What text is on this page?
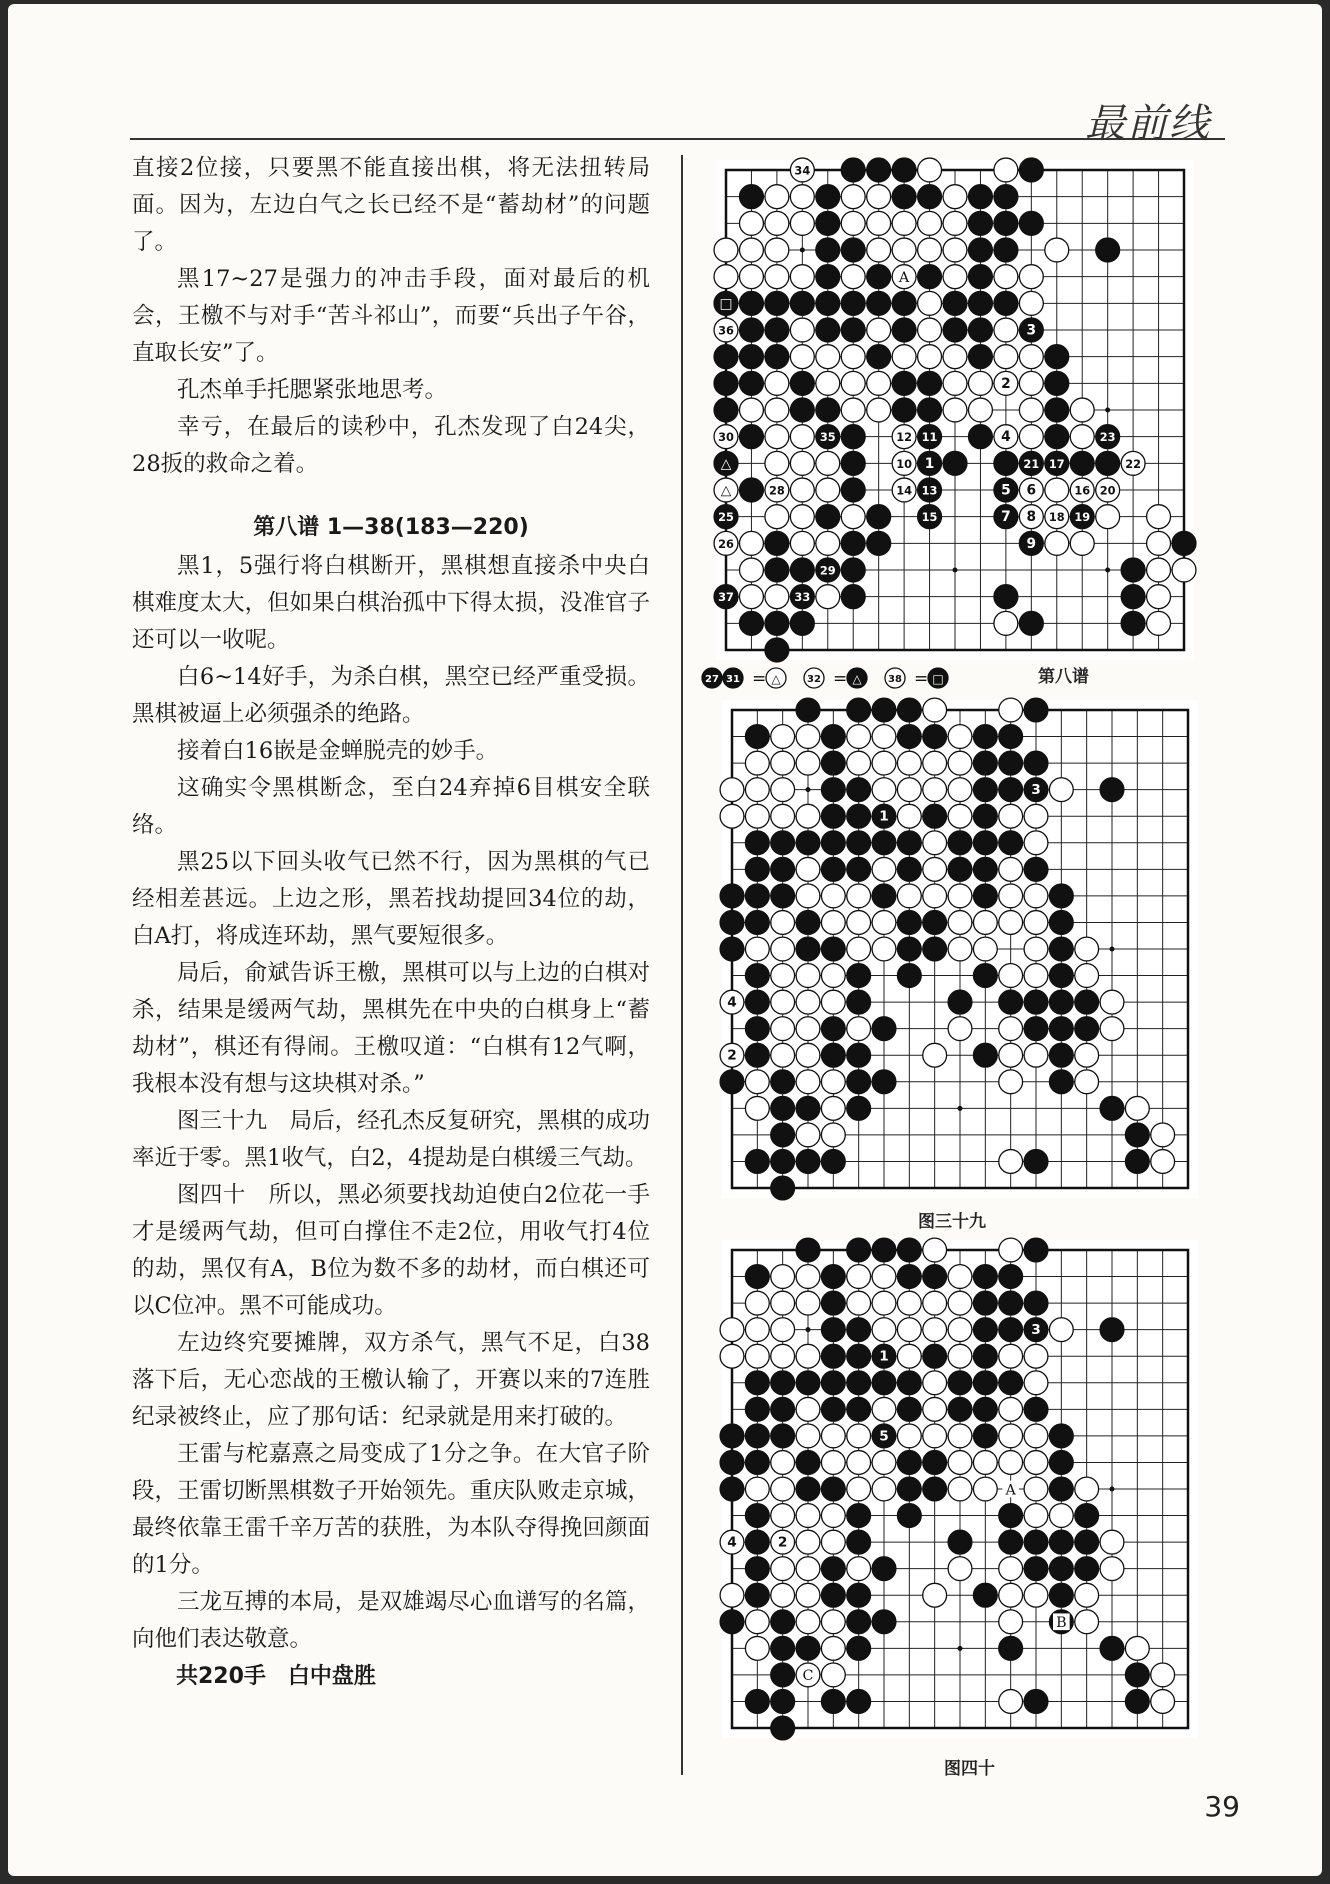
最前线

直接2位接，只要黑不能直接出棋，将无法扭转局面。因为，左边白气之长已经不是“蓄劫材”的问题了。

黑17~27是强力的冲击手段，面对最后的机会，王檄不与对手“苦斗祁山”，而要“兵出子午谷，直取长安”了。

孔杰单手托腮紧张地思考。

幸亏，在最后的读秒中，孔杰发现了白24尖，28扳的救命之着。

第八谱 1—38(183—220)

黑1，5强行将白棋断开，黑棋想直接杀中央白棋难度太大，但如果白棋治孤中下得太损，没准官子还可以一收呢。

白6~14好手，为杀白棋，黑空已经严重受损。黑棋被逼上必须强杀的绝路。

接着白16嵌是金蝉脱壳的妙手。

这确实令黑棋断念，至白24弃掉6目棋安全联络。

黑25以下回头收气已然不行，因为黑棋的气已经相差甚远。上边之形，黑若找劫提回34位的劫，白A打，将成连环劫，黑气要短很多。

局后，俞斌告诉王檄，黑棋可以与上边的白棋对杀，结果是缓两气劫，黑棋先在中央的白棋身上“蓄劫材”，棋还有得闹。王檄叹道：“白棋有12气啊，我根本没有想与这块棋对杀。”

图三十九　局后，经孔杰反复研究，黑棋的成功率近于零。黑1收气，白2，4提劫是白棋缓三气劫。

图四十　所以，黑必须要找劫迫使白2位花一手才是缓两气劫，但可白撑住不走2位，用收气打4位的劫，黑仅有A，B位为数不多的劫材，而白棋还可以C位冲。黑不可能成功。

左边终究要摊牌，双方杀气，黑气不足，白38落下后，无心恋战的王檄认输了，开赛以来的7连胜纪录被终止，应了那句话：纪录就是用来打破的。

王雷与柁嘉熹之局变成了1分之争。在大官子阶段，王雷切断黑棋数子开始领先。重庆队败走京城，最终依靠王雷千辛万苦的获胜，为本队夺得挽回颜面的1分。

三龙互搏的本局，是双雄竭尽心血谱写的名篇，向他们表达敬意。

共220手　白中盘胜

34
□
36	3
2
30	35	12 11	4	23
△	10 1	21 17	22
△	28	14 13	5 6	16 20
25	15	7 8 18 19
26	9
29
37	33
A
第八谱
27 31 = △	32 = △	38 = □
3
1
4
2
图三十九
3
1
5
4	2
A
B
C
图四十
39
